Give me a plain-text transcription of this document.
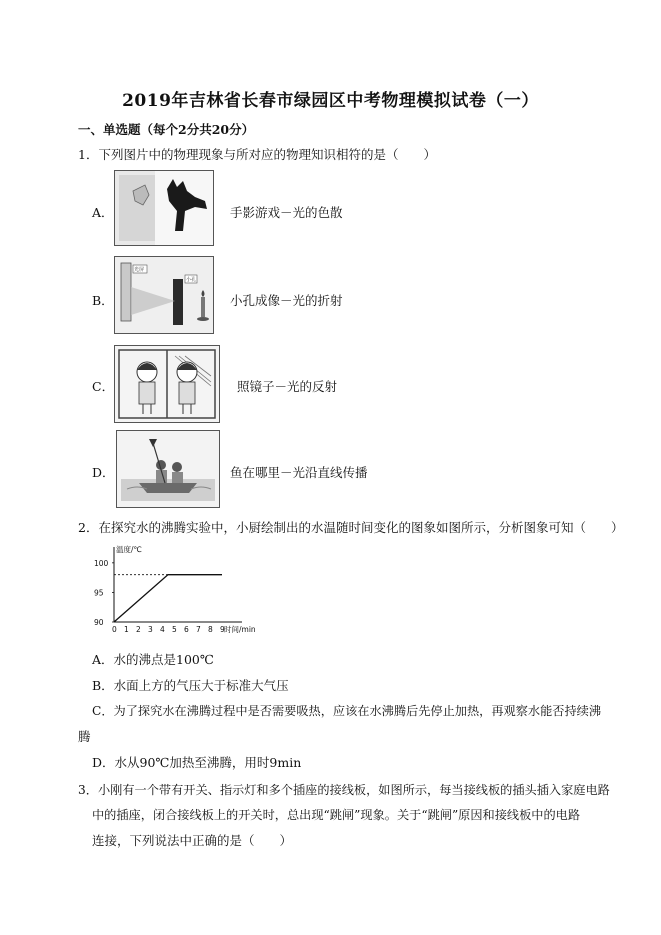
2019年吉林省长春市绿园区中考物理模拟试卷（一）
一、单选题（每个2分共20分）
1．下列图片中的物理现象与所对应的物理知识相符的是（　　）
A．	手影游戏－光的色散
B．
光屏
小孔
小孔成像－光的折射
C．	照镜子－光的反射
D．	鱼在哪里－光沿直线传播
2．在探究水的沸腾实验中，小厨绘制出的水温随时间变化的图象如图所示，分析图象可知（　　）
温度/℃
时间/min
0 1 2 3 4 5 6 7 8 9
90
95
100
A．水的沸点是100℃
B．水面上方的气压大于标准大气压
C．为了探究水在沸腾过程中是否需要吸热，应该在水沸腾后先停止加热，再观察水能否持续沸
腾
D．水从90℃加热至沸腾，用时9min
3．小刚有一个带有开关、指示灯和多个插座的接线板，如图所示，每当接线板的插头插入家庭电路
中的插座，闭合接线板上的开关时，总出现“跳闸”现象。关于“跳闸”原因和接线板中的电路
连接，下列说法中正确的是（　　）
